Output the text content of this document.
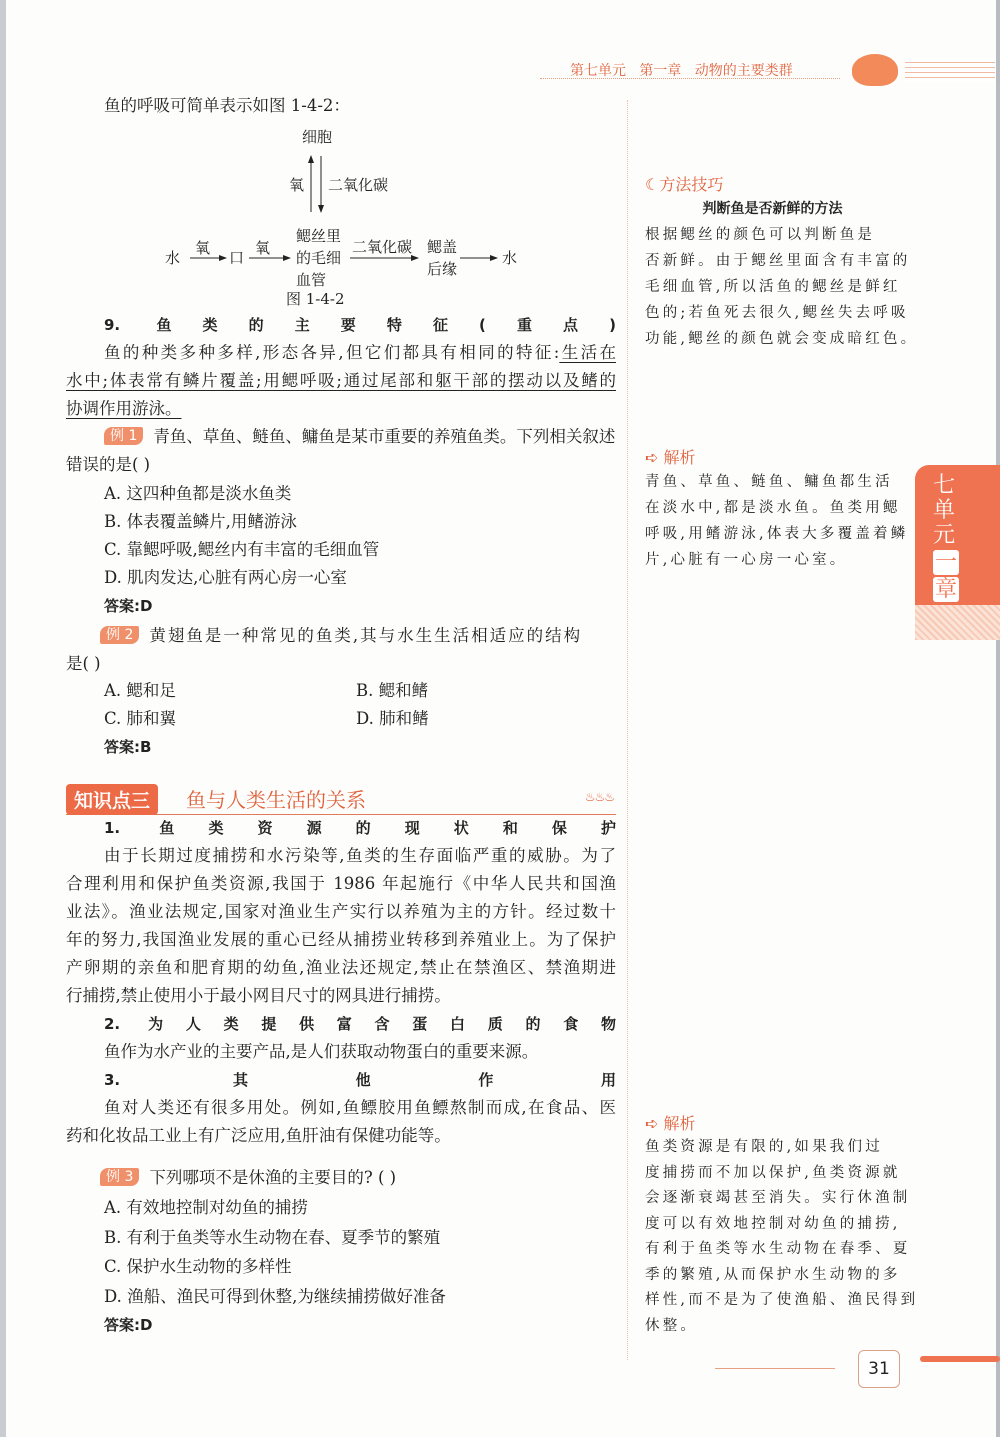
第七单元   第一章   动物的主要类群
鱼的呼吸可简单表示如图 1-4-2：
细胞
氧 二氧化碳
水
氧
口
氧
鳃丝里
的毛细
血管
二氧化碳 鳃盖
后缘
水
图 1-4-2
9. 鱼类的主要特征(重点)
鱼的种类多种多样,形态各异,但它们都具有相同的特征:生活在
水中;体表常有鳞片覆盖;用鳃呼吸;通过尾部和躯干部的摆动以及鳍的
协调作用游泳。
例 1 青鱼、草鱼、鲢鱼、鳙鱼是某市重要的养殖鱼类。下列相关叙述
错误的是( )
A. 这四种鱼都是淡水鱼类
B. 体表覆盖鳞片,用鳍游泳
C. 靠鳃呼吸,鳃丝内有丰富的毛细血管
D. 肌肉发达,心脏有两心房一心室
答案:D
例 2 黄翅鱼是一种常见的鱼类,其与水生生活相适应的结构
是( )
A. 鳃和足	B. 鳃和鳍
C. 肺和翼	D. 肺和鳍
答案:B
知识点三	鱼与人类生活的关系	♨♨♨
1. 鱼类资源的现状和保护
由于长期过度捕捞和水污染等,鱼类的生存面临严重的威胁。为了
合理利用和保护鱼类资源,我国于 1986 年起施行《中华人民共和国渔
业法》。渔业法规定,国家对渔业生产实行以养殖为主的方针。经过数十
年的努力,我国渔业发展的重心已经从捕捞业转移到养殖业上。为了保护
产卵期的亲鱼和肥育期的幼鱼,渔业法还规定,禁止在禁渔区、禁渔期进
行捕捞,禁止使用小于最小网目尺寸的网具进行捕捞。
2. 为人类提供富含蛋白质的食物
鱼作为水产业的主要产品,是人们获取动物蛋白的重要来源。
3. 其他作用
鱼对人类还有很多用处。例如,鱼鳔胶用鱼鳔熬制而成,在食品、医
药和化妆品工业上有广泛应用,鱼肝油有保健功能等。
例 3 下列哪项不是休渔的主要目的? ( )
A. 有效地控制对幼鱼的捕捞
B. 有利于鱼类等水生动物在春、夏季节的繁殖
C. 保护水生动物的多样性
D. 渔船、渔民可得到休整,为继续捕捞做好准备
答案:D
☾方法技巧
判断鱼是否新鲜的方法
根据鳃丝的颜色可以判断鱼是
否新鲜。由于鳃丝里面含有丰富的
毛细血管,所以活鱼的鳃丝是鲜红
色的;若鱼死去很久,鳃丝失去呼吸
功能,鳃丝的颜色就会变成暗红色。
➪ 解析
青鱼、草鱼、鲢鱼、鳙鱼都生活
在淡水中,都是淡水鱼。鱼类用鳃
呼吸,用鳍游泳,体表大多覆盖着鳞
片,心脏有一心房一心室。
七
单
元
一
章
➪ 解析
鱼类资源是有限的,如果我们过
度捕捞而不加以保护,鱼类资源就
会逐渐衰竭甚至消失。实行休渔制
度可以有效地控制对幼鱼的捕捞,
有利于鱼类等水生动物在春季、夏
季的繁殖,从而保护水生动物的多
样性,而不是为了使渔船、渔民得到
休整。
31
